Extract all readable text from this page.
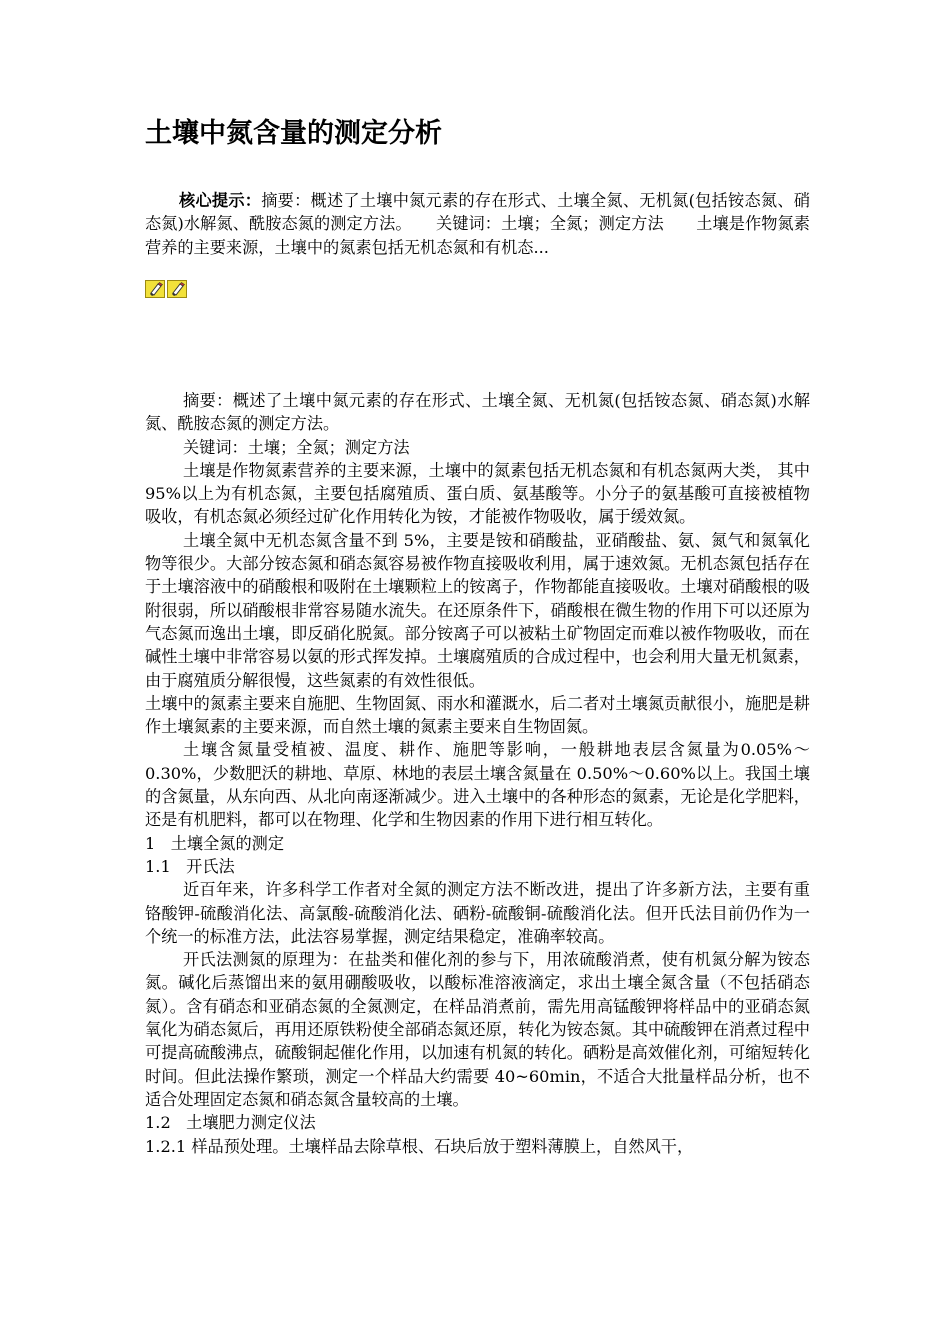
土壤中氮含量的测定分析

核心提示：摘要：概述了土壤中氮元素的存在形式、土壤全氮、无机氮(包括铵态氮、硝态氮)水解氮、酰胺态氮的测定方法。　　关键词：土壤；全氮；测定方法　　土壤是作物氮素营养的主要来源，土壤中的氮素包括无机态氮和有机态...

摘要：概述了土壤中氮元素的存在形式、土壤全氮、无机氮(包括铵态氮、硝态氮)水解氮、酰胺态氮的测定方法。

关键词：土壤；全氮；测定方法

土壤是作物氮素营养的主要来源，土壤中的氮素包括无机态氮和有机态氮两大类， 其中95%以上为有机态氮，主要包括腐殖质、蛋白质、氨基酸等。小分子的氨基酸可直接被植物吸收，有机态氮必须经过矿化作用转化为铵，才能被作物吸收，属于缓效氮。

土壤全氮中无机态氮含量不到 5%，主要是铵和硝酸盐，亚硝酸盐、氨、氮气和氮氧化物等很少。大部分铵态氮和硝态氮容易被作物直接吸收利用，属于速效氮。无机态氮包括存在于土壤溶液中的硝酸根和吸附在土壤颗粒上的铵离子，作物都能直接吸收。土壤对硝酸根的吸附很弱，所以硝酸根非常容易随水流失。在还原条件下，硝酸根在微生物的作用下可以还原为气态氮而逸出土壤，即反硝化脱氮。部分铵离子可以被粘土矿物固定而难以被作物吸收，而在碱性土壤中非常容易以氨的形式挥发掉。土壤腐殖质的合成过程中，也会利用大量无机氮素，由于腐殖质分解很慢，这些氮素的有效性很低。

土壤中的氮素主要来自施肥、生物固氮、雨水和灌溉水，后二者对土壤氮贡献很小，施肥是耕作土壤氮素的主要来源，而自然土壤的氮素主要来自生物固氮。

土壤含氮量受植被、温度、耕作、施肥等影响，一般耕地表层含氮量为0.05%～0.30%，少数肥沃的耕地、草原、林地的表层土壤含氮量在 0.50%～0.60%以上。我国土壤的含氮量，从东向西、从北向南逐渐减少。进入土壤中的各种形态的氮素，无论是化学肥料，还是有机肥料，都可以在物理、化学和生物因素的作用下进行相互转化。

1   土壤全氮的测定

1.1   开氏法

近百年来，许多科学工作者对全氮的测定方法不断改进，提出了许多新方法，主要有重铬酸钾-硫酸消化法、高氯酸-硫酸消化法、硒粉-硫酸铜-硫酸消化法。但开氏法目前仍作为一个统一的标准方法，此法容易掌握，测定结果稳定，准确率较高。

开氏法测氮的原理为：在盐类和催化剂的参与下，用浓硫酸消煮，使有机氮分解为铵态氮。碱化后蒸馏出来的氨用硼酸吸收，以酸标准溶液滴定，求出土壤全氮含量（不包括硝态氮）。含有硝态和亚硝态氮的全氮测定，在样品消煮前，需先用高锰酸钾将样品中的亚硝态氮氧化为硝态氮后，再用还原铁粉使全部硝态氮还原，转化为铵态氮。其中硫酸钾在消煮过程中可提高硫酸沸点，硫酸铜起催化作用，以加速有机氮的转化。硒粉是高效催化剂，可缩短转化时间。但此法操作繁琐，测定一个样品大约需要 40~60min，不适合大批量样品分析，也不适合处理固定态氮和硝态氮含量较高的土壤。

1.2   土壤肥力测定仪法

1.2.1 样品预处理。土壤样品去除草根、石块后放于塑料薄膜上，自然风干，
